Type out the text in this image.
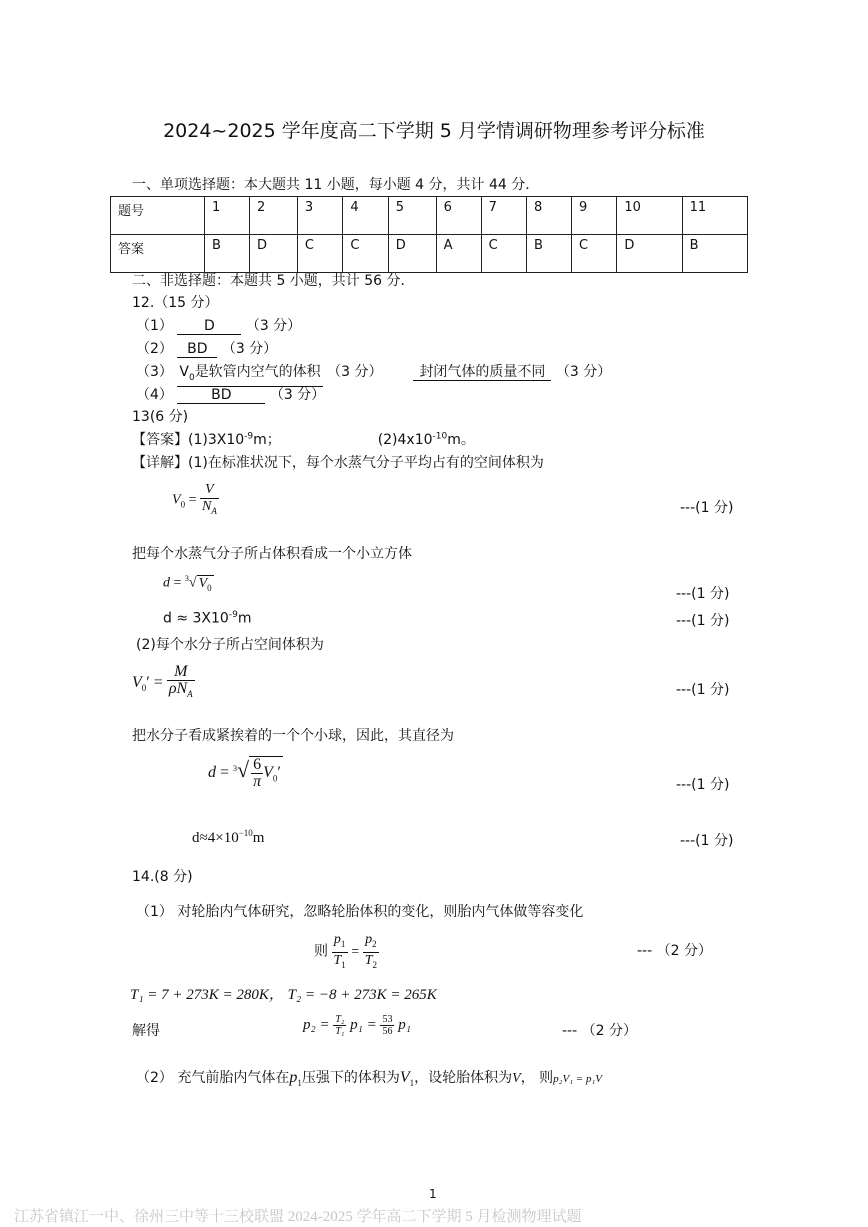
2024~2025 学年度高二下学期 5 月学情调研物理参考评分标准
一、单项选择题：本大题共 11 小题，每小题 4 分，共计 44 分．
题号	1	2	3	4	5	6	7	8	9	10	11
答案	B	D	C	C	D	A	C	B	C	D	B
二、非选择题：本题共 5 小题，共计 56 分．
12.（15 分）
（1） D （3 分）
（2） BD （3 分）
（3） $V_0$是软管内空气的体积 （3 分）	封闭气体的质量不同 （3 分）
（4）	BD	（3 分）
13(6 分)
【答案】$(1)3X10^{-9}m$；	$(2)4x10^{-10}m$。
【详解】(1)在标准状况下，每个水蒸气分子平均占有的空间体积为
$V_0 = \frac{V}{N_A}$	---(1 分)
把每个水蒸气分子所占体积看成一个小立方体
d = $^3$√ $V_0$	---(1 分)
$d \approx 3X10^{-9}m$	---(1 分)
(2)每个水分子所占空间体积为
$V_0' = \frac{M}{\rho N_A}$	---(1 分)
把水分子看成紧挨着的一个个小球，因此，其直径为
$d = ^3√ \frac{6}{\pi} V_0'$
---(1 分)
$d\approx 4\times 10^{-10}m$	---(1 分)
14.(8 分)
（1） 对轮胎内气体研究，忽略轮胎体积的变化，则胎内气体做等容变化
则 $\frac{p_1}{T_1} = \frac{p_2}{T_2}$	--- （2 分）
T₁ = 7 + 273K = 280K， T₂ = −8 + 273K = 265K
解得	$p_2 = \frac{\text{T₂}}{\text{T₁}} p_1 = \frac{53}{56} p_1$	--- （2 分）
（2） 充气前胎内气体在$p_1$压强下的体积为$V_1$，设轮胎体积为V， 则p₂V₁ = p₁V
1
江苏省镇江一中、徐州三中等十三校联盟 2024-2025 学年高二下学期 5 月检测物理试题
